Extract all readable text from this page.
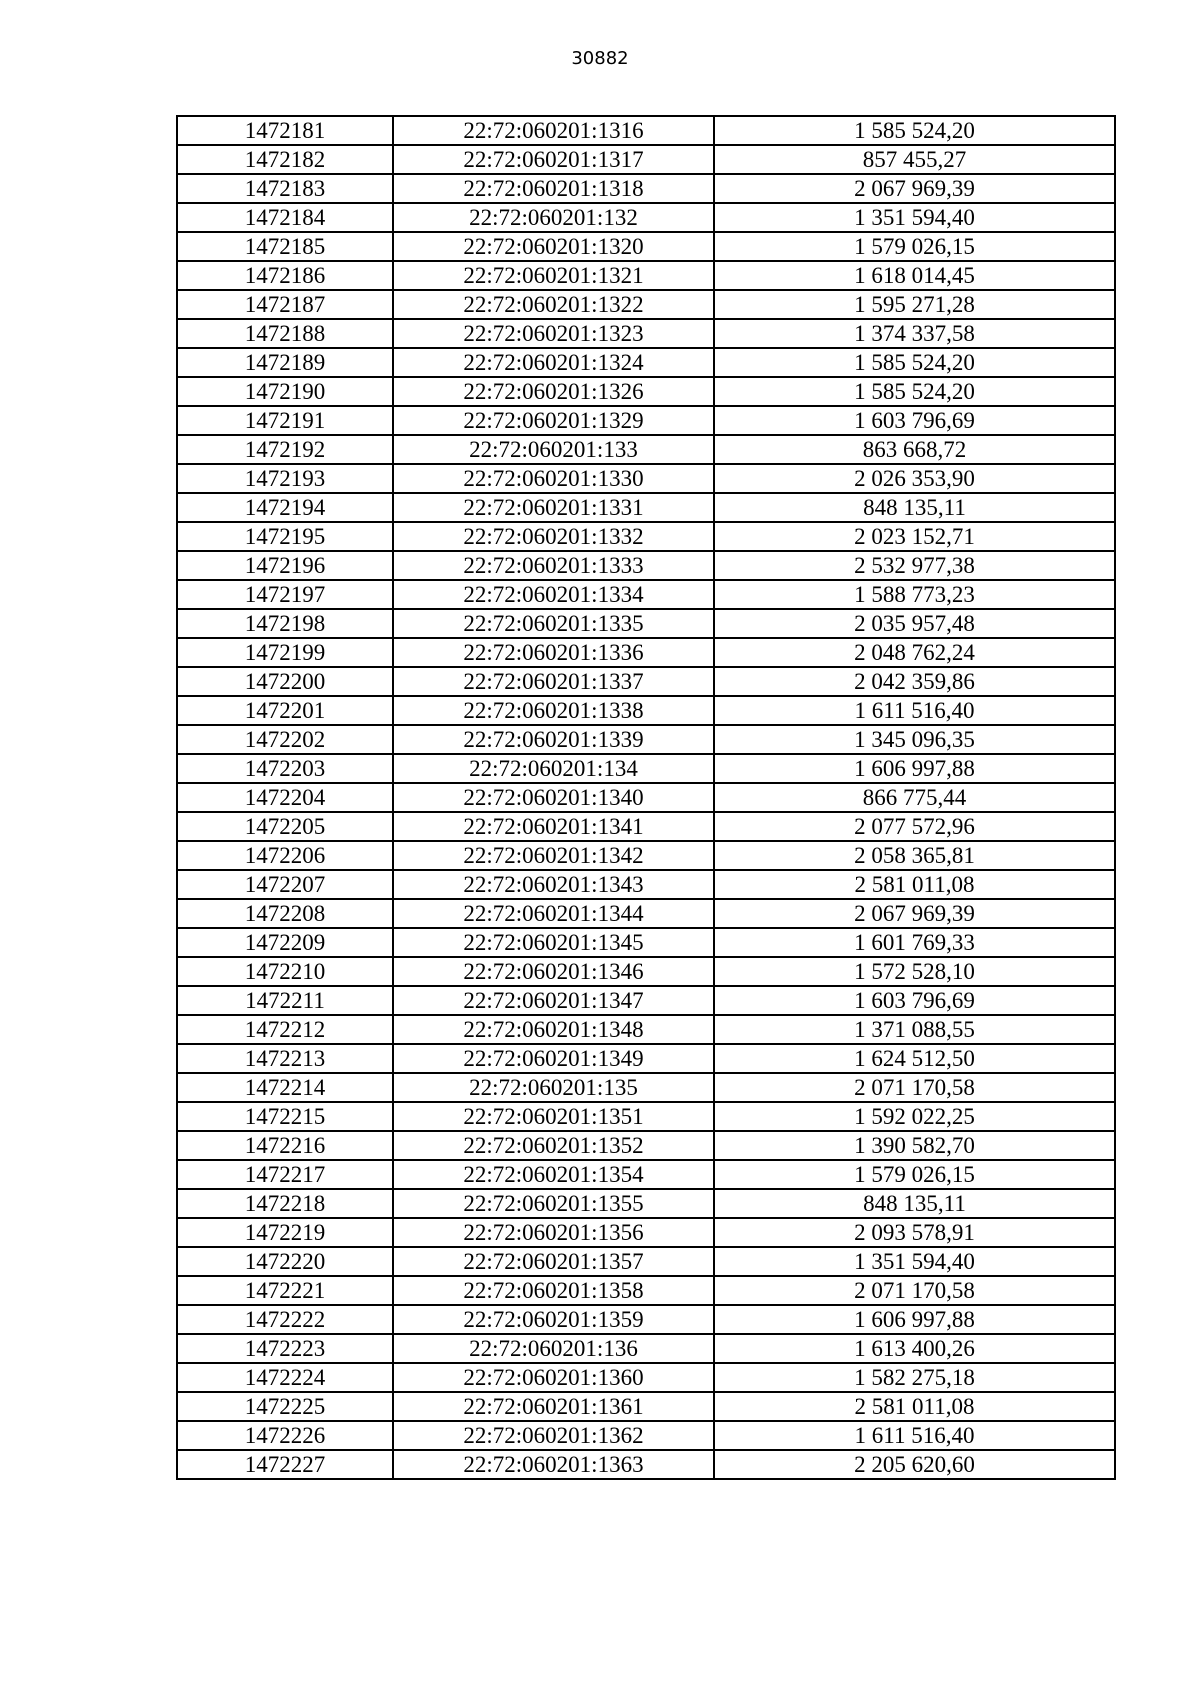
30882
1472181	22:72:060201:1316	1 585 524,20
1472182	22:72:060201:1317	857 455,27
1472183	22:72:060201:1318	2 067 969,39
1472184	22:72:060201:132	1 351 594,40
1472185	22:72:060201:1320	1 579 026,15
1472186	22:72:060201:1321	1 618 014,45
1472187	22:72:060201:1322	1 595 271,28
1472188	22:72:060201:1323	1 374 337,58
1472189	22:72:060201:1324	1 585 524,20
1472190	22:72:060201:1326	1 585 524,20
1472191	22:72:060201:1329	1 603 796,69
1472192	22:72:060201:133	863 668,72
1472193	22:72:060201:1330	2 026 353,90
1472194	22:72:060201:1331	848 135,11
1472195	22:72:060201:1332	2 023 152,71
1472196	22:72:060201:1333	2 532 977,38
1472197	22:72:060201:1334	1 588 773,23
1472198	22:72:060201:1335	2 035 957,48
1472199	22:72:060201:1336	2 048 762,24
1472200	22:72:060201:1337	2 042 359,86
1472201	22:72:060201:1338	1 611 516,40
1472202	22:72:060201:1339	1 345 096,35
1472203	22:72:060201:134	1 606 997,88
1472204	22:72:060201:1340	866 775,44
1472205	22:72:060201:1341	2 077 572,96
1472206	22:72:060201:1342	2 058 365,81
1472207	22:72:060201:1343	2 581 011,08
1472208	22:72:060201:1344	2 067 969,39
1472209	22:72:060201:1345	1 601 769,33
1472210	22:72:060201:1346	1 572 528,10
1472211	22:72:060201:1347	1 603 796,69
1472212	22:72:060201:1348	1 371 088,55
1472213	22:72:060201:1349	1 624 512,50
1472214	22:72:060201:135	2 071 170,58
1472215	22:72:060201:1351	1 592 022,25
1472216	22:72:060201:1352	1 390 582,70
1472217	22:72:060201:1354	1 579 026,15
1472218	22:72:060201:1355	848 135,11
1472219	22:72:060201:1356	2 093 578,91
1472220	22:72:060201:1357	1 351 594,40
1472221	22:72:060201:1358	2 071 170,58
1472222	22:72:060201:1359	1 606 997,88
1472223	22:72:060201:136	1 613 400,26
1472224	22:72:060201:1360	1 582 275,18
1472225	22:72:060201:1361	2 581 011,08
1472226	22:72:060201:1362	1 611 516,40
1472227	22:72:060201:1363	2 205 620,60
